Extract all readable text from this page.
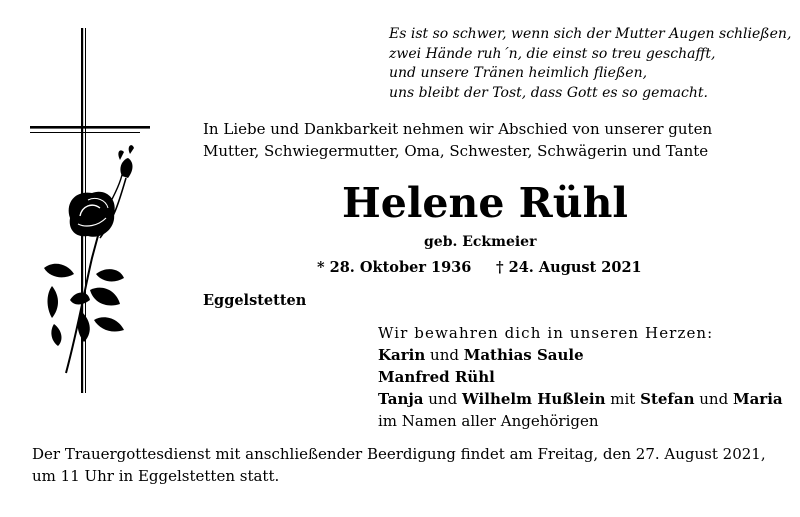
Es ist so schwer, wenn sich der Mutter Augen schließen,
zwei Hände ruh´n, die einst so treu geschafft,
und unsere Tränen heimlich fließen,
uns bleibt der Tost, dass Gott es so gemacht.
In Liebe und Dankbarkeit nehmen wir Abschied von unserer guten
Mutter, Schwiegermutter, Oma, Schwester, Schwägerin und Tante
Helene Rühl
geb. Eckmeier
* 28. Oktober 1936 † 24. August 2021
Eggelstetten
Wir bewahren dich in unseren Herzen:
Karin und Mathias Saule
Manfred Rühl
Tanja und Wilhelm Hußlein mit Stefan und Maria
im Namen aller Angehörigen
Der Trauergottesdienst mit anschließender Beerdigung findet am Freitag, den 27. August 2021,
um 11 Uhr in Eggelstetten statt.
